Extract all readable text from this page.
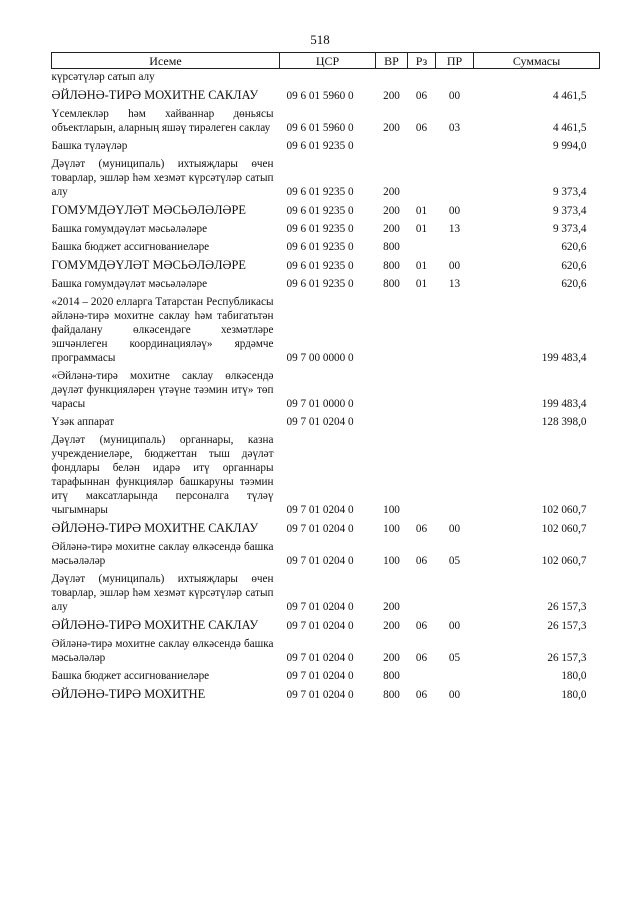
518
Исеме	ЦСР	ВР	Рз	ПР	Суммасы
күрсәтүләр сатып алу					
ӘЙЛӘНӘ-ТИРӘ МОХИТНЕ САКЛАУ	09 6 01 5960 0	200	06	00	4 461,5
Үсемлекләр һәм хайваннар дөньясы объектларын, аларның яшәү тирәлеген саклау	09 6 01 5960 0	200	06	03	4 461,5
Башка түләүләр	09 6 01 9235 0				9 994,0
Дәүләт (муниципаль) ихтыяҗлары өчен товарлар, эшләр һәм хезмәт күрсәтүләр сатып алу	09 6 01 9235 0	200			9 373,4
ГОМУМДӘҮЛӘТ МӘСЬӘЛӘЛӘРЕ	09 6 01 9235 0	200	01	00	9 373,4
Башка гомумдәүләт мәсьәләләре	09 6 01 9235 0	200	01	13	9 373,4
Башка бюджет ассигнованиеләре	09 6 01 9235 0	800			620,6
ГОМУМДӘҮЛӘТ МӘСЬӘЛӘЛӘРЕ	09 6 01 9235 0	800	01	00	620,6
Башка гомумдәүләт мәсьәләләре	09 6 01 9235 0	800	01	13	620,6
«2014 – 2020 елларга Татарстан Республикасы әйләнә-тирә мохитне саклау һәм табигатьтән файдалану өлкәсендәге хезмәтләре эшчәнлеген координацияләү» ярдәмче программасы	09 7 00 0000 0				199 483,4
«Әйләнә-тирә мохитне саклау өлкәсендә дәүләт функцияләрен үтәүне тәэмин итү» төп чарасы	09 7 01 0000 0				199 483,4
Үзәк аппарат	09 7 01 0204 0				128 398,0
Дәүләт (муниципаль) органнары, казна учреждениеләре, бюджеттан тыш дәүләт фондлары белән идарә итү органнары тарафыннан функцияләр башкаруны тәэмин итү максатларында персоналга түләү чыгымнары	09 7 01 0204 0	100			102 060,7
ӘЙЛӘНӘ-ТИРӘ МОХИТНЕ САКЛАУ	09 7 01 0204 0	100	06	00	102 060,7
Әйләнә-тирә мохитне саклау өлкәсендә башка мәсьәләләр	09 7 01 0204 0	100	06	05	102 060,7
Дәүләт (муниципаль) ихтыяҗлары өчен товарлар, эшләр һәм хезмәт күрсәтүләр сатып алу	09 7 01 0204 0	200			26 157,3
ӘЙЛӘНӘ-ТИРӘ МОХИТНЕ САКЛАУ	09 7 01 0204 0	200	06	00	26 157,3
Әйләнә-тирә мохитне саклау өлкәсендә башка мәсьәләләр	09 7 01 0204 0	200	06	05	26 157,3
Башка бюджет ассигнованиеләре	09 7 01 0204 0	800			180,0
ӘЙЛӘНӘ-ТИРӘ МОХИТНЕ	09 7 01 0204 0	800	06	00	180,0
